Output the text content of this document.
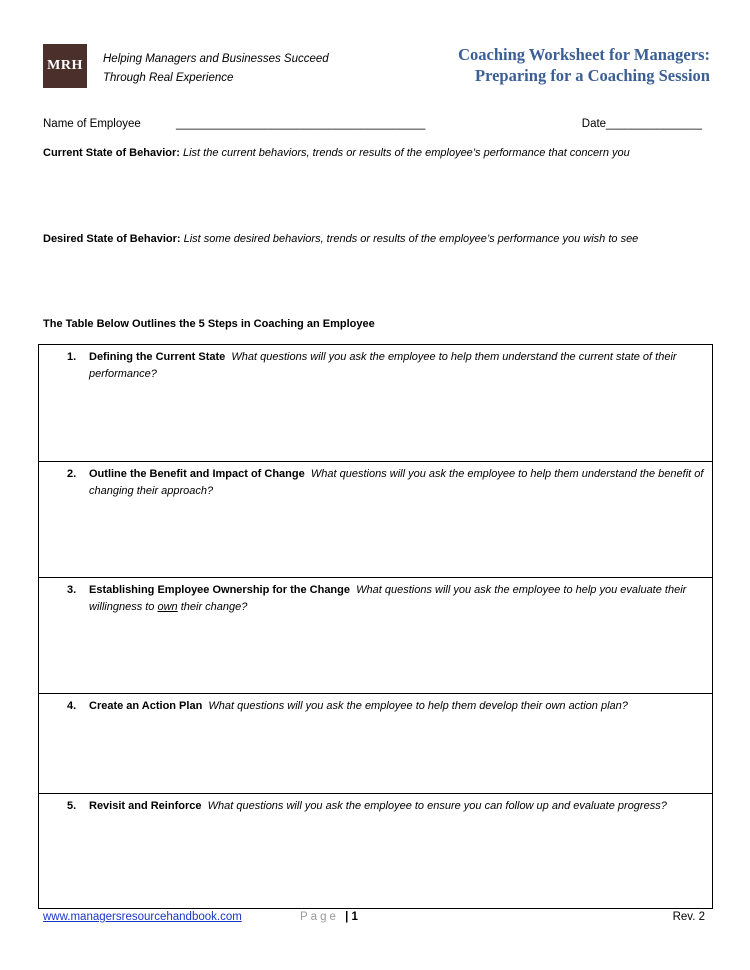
MRH Helping Managers and Businesses Succeed
Through Real Experience
Coaching Worksheet for Managers:
Preparing for a Coaching Session
Name of Employee	_______________________________________	Date_______________
Current State of Behavior: List the current behaviors, trends or results of the employee’s performance that concern you
Desired State of Behavior: List some desired behaviors, trends or results of the employee’s performance you wish to see
The Table Below Outlines the 5 Steps in Coaching an Employee
1. Defining the Current State What questions will you ask the employee to help them understand the current state of their performance?
2. Outline the Benefit and Impact of Change What questions will you ask the employee to help them understand the benefit of changing their approach?
3. Establishing Employee Ownership for the Change What questions will you ask the employee to help you evaluate their willingness to own their change?
4. Create an Action Plan What questions will you ask the employee to help them develop their own action plan?
5. Revisit and Reinforce What questions will you ask the employee to ensure you can follow up and evaluate progress?
www.managersresourcehandbook.com	Page | 1	Rev. 2
